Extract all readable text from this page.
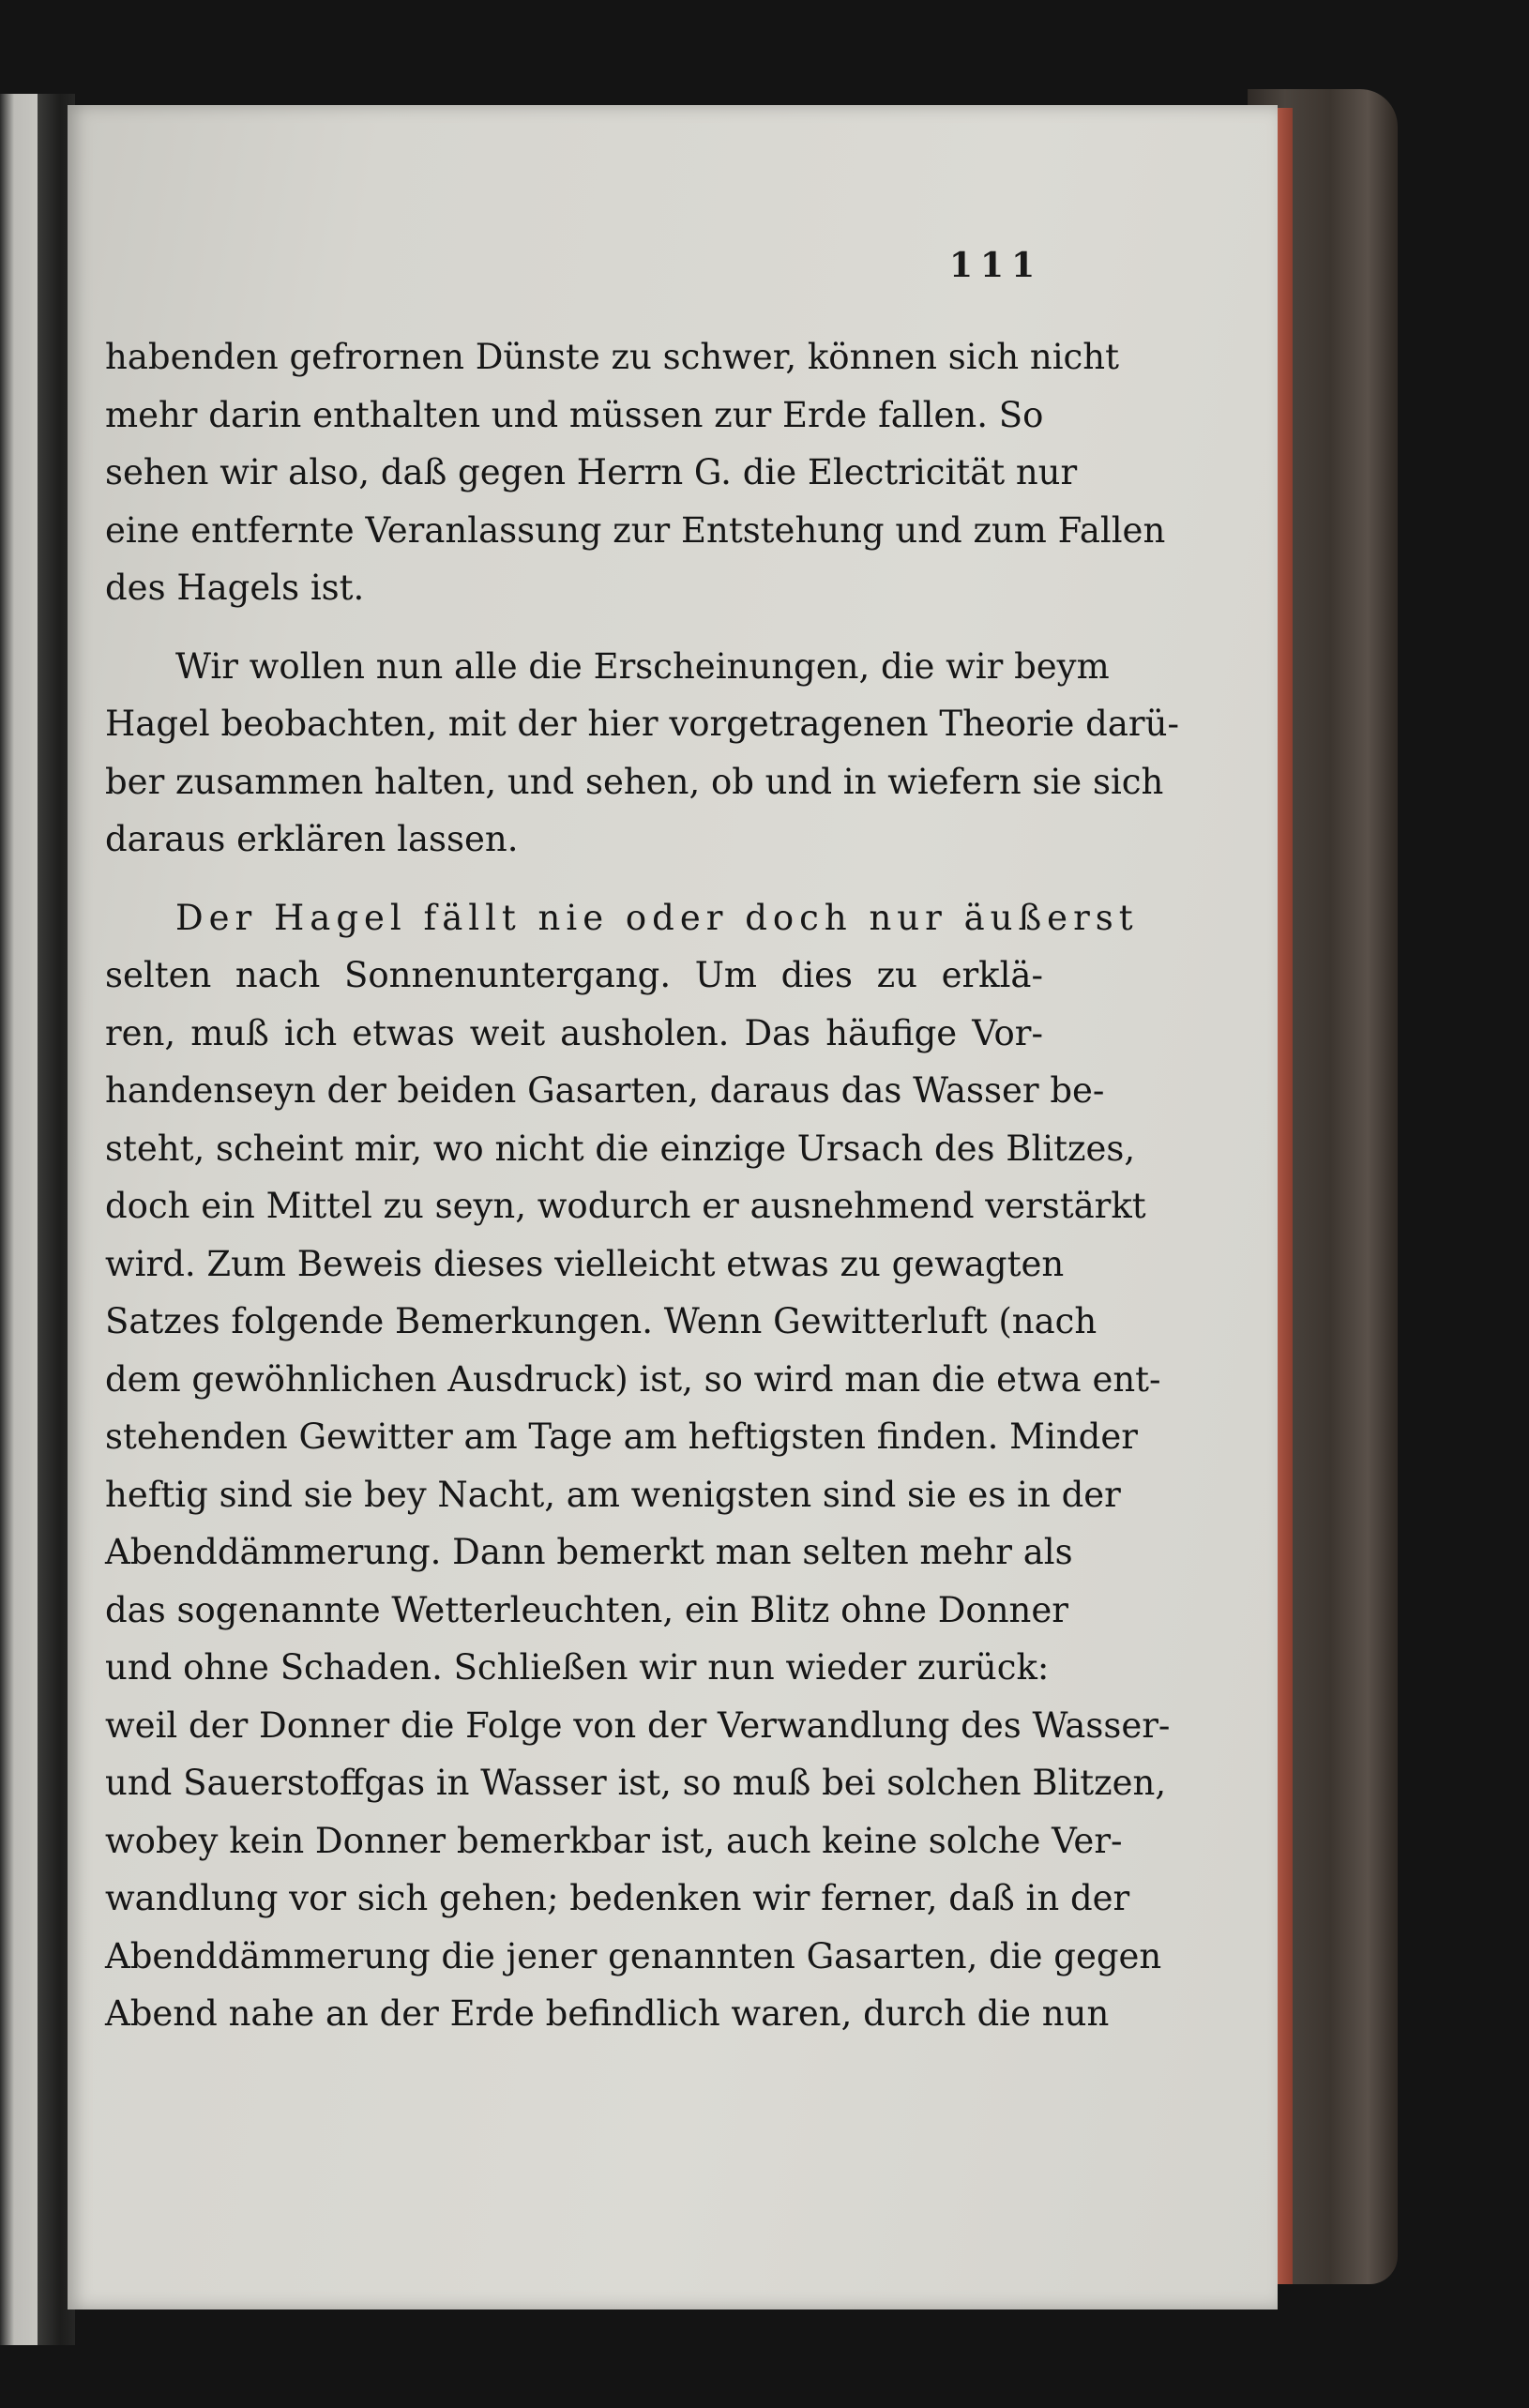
111
habenden gefrornen Dünste zu schwer, können sich nicht
mehr darin enthalten und müssen zur Erde fallen. So
sehen wir also, daß gegen Herrn G. die Electricität nur
eine entfernte Veranlassung zur Entstehung und zum Fallen
des Hagels ist.
Wir wollen nun alle die Erscheinungen, die wir beym
Hagel beobachten, mit der hier vorgetragenen Theorie darü-
ber zusammen halten, und sehen, ob und in wiefern sie sich
daraus erklären lassen.
Der Hagel fällt nie oder doch nur äußerst
selten nach Sonnenuntergang. Um dies zu erklä-
ren, muß ich etwas weit ausholen. Das häufige Vor-
handenseyn der beiden Gasarten, daraus das Wasser be-
steht, scheint mir, wo nicht die einzige Ursach des Blitzes,
doch ein Mittel zu seyn, wodurch er ausnehmend verstärkt
wird. Zum Beweis dieses vielleicht etwas zu gewagten
Satzes folgende Bemerkungen. Wenn Gewitterluft (nach
dem gewöhnlichen Ausdruck) ist, so wird man die etwa ent-
stehenden Gewitter am Tage am heftigsten finden. Minder
heftig sind sie bey Nacht, am wenigsten sind sie es in der
Abenddämmerung. Dann bemerkt man selten mehr als
das sogenannte Wetterleuchten, ein Blitz ohne Donner
und ohne Schaden. Schließen wir nun wieder zurück:
weil der Donner die Folge von der Verwandlung des Wasser-
und Sauerstoffgas in Wasser ist, so muß bei solchen Blitzen,
wobey kein Donner bemerkbar ist, auch keine solche Ver-
wandlung vor sich gehen; bedenken wir ferner, daß in der
Abenddämmerung die jener genannten Gasarten, die gegen
Abend nahe an der Erde befindlich waren, durch die nun
